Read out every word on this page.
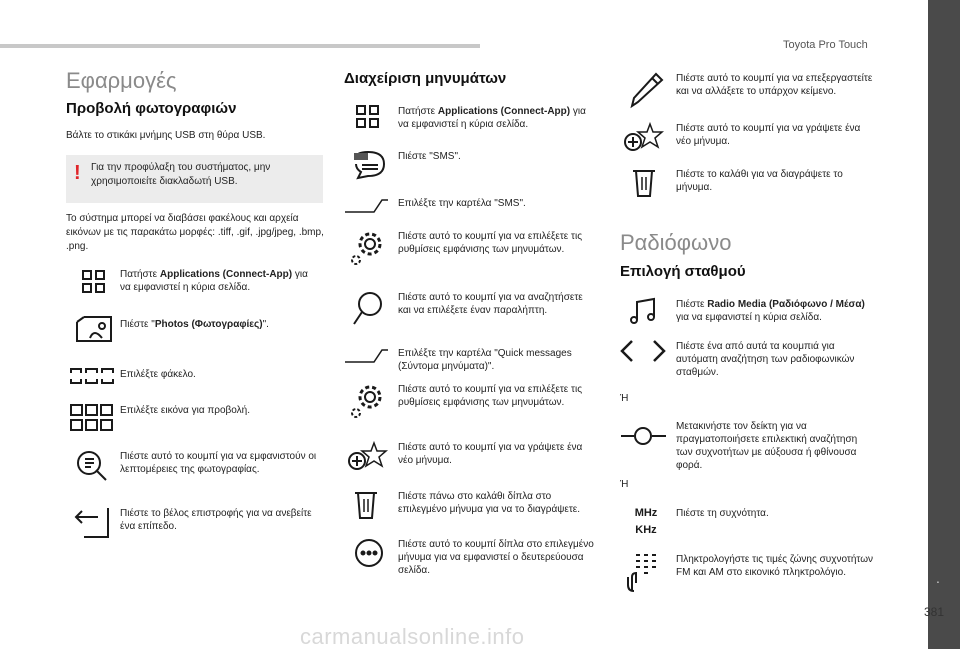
Toyota Pro Touch
.
381
Εφαρμογές
Προβολή φωτογραφιών
Βάλτε το στικάκι μνήμης USB στη θύρα USB.
! Για την προφύλαξη του συστήματος, μην χρησιμοποιείτε διακλαδωτή USB.
Το σύστημα μπορεί να διαβάσει φακέλους και αρχεία εικόνων με τις παρακάτω μορφές: .tiff, .gif, .jpg/jpeg, .bmp, .png.
Πατήστε Applications (Connect-App) για να εμφανιστεί η κύρια σελίδα.
Πιέστε "Photos (Φωτογραφίες)".
Επιλέξτε φάκελο.
Επιλέξτε εικόνα για προβολή.
Πιέστε αυτό το κουμπί για να εμφανιστούν οι λεπτομέρειες της φωτογραφίας.
Πιέστε το βέλος επιστροφής για να ανεβείτε ένα επίπεδο.
Διαχείριση μηνυμάτων
Πατήστε Applications (Connect-App) για να εμφανιστεί η κύρια σελίδα.
Πιέστε "SMS".
Επιλέξτε την καρτέλα "SMS".
Πιέστε αυτό το κουμπί για να επιλέξετε τις ρυθμίσεις εμφάνισης των μηνυμάτων.
Πιέστε αυτό το κουμπί για να αναζητήσετε και να επιλέξετε έναν παραλήπτη.
Επιλέξτε την καρτέλα "Quick messages (Σύντομα μηνύματα)".
Πιέστε αυτό το κουμπί για να επιλέξετε τις ρυθμίσεις εμφάνισης των μηνυμάτων.
Πιέστε αυτό το κουμπί για να γράψετε ένα νέο μήνυμα.
Πιέστε πάνω στο καλάθι δίπλα στο επιλεγμένο μήνυμα για να το διαγράψετε.
Πιέστε αυτό το κουμπί δίπλα στο επιλεγμένο μήνυμα για να εμφανιστεί ο δευτερεύουσα σελίδα.
Πιέστε αυτό το κουμπί για να επεξεργαστείτε και να αλλάξετε το υπάρχον κείμενο.
Πιέστε αυτό το κουμπί για να γράψετε ένα νέο μήνυμα.
Πιέστε το καλάθι για να διαγράψετε το μήνυμα.
Ραδιόφωνο
Επιλογή σταθμού
Πιέστε Radio Media (Ραδιόφωνο / Μέσα) για να εμφανιστεί η κύρια σελίδα.
Πιέστε ένα από αυτά τα κουμπιά για αυτόματη αναζήτηση των ραδιοφωνικών σταθμών.
Ή
Μετακινήστε τον δείκτη για να πραγματοποιήσετε επιλεκτική αναζήτηση των συχνοτήτων με αύξουσα ή φθίνουσα φορά.
Ή
MHz
KHz
Πιέστε τη συχνότητα.
Πληκτρολογήστε τις τιμές ζώνης συχνοτήτων FM και AM στο εικονικό πληκτρολόγιο.
carmanualsonline.info
